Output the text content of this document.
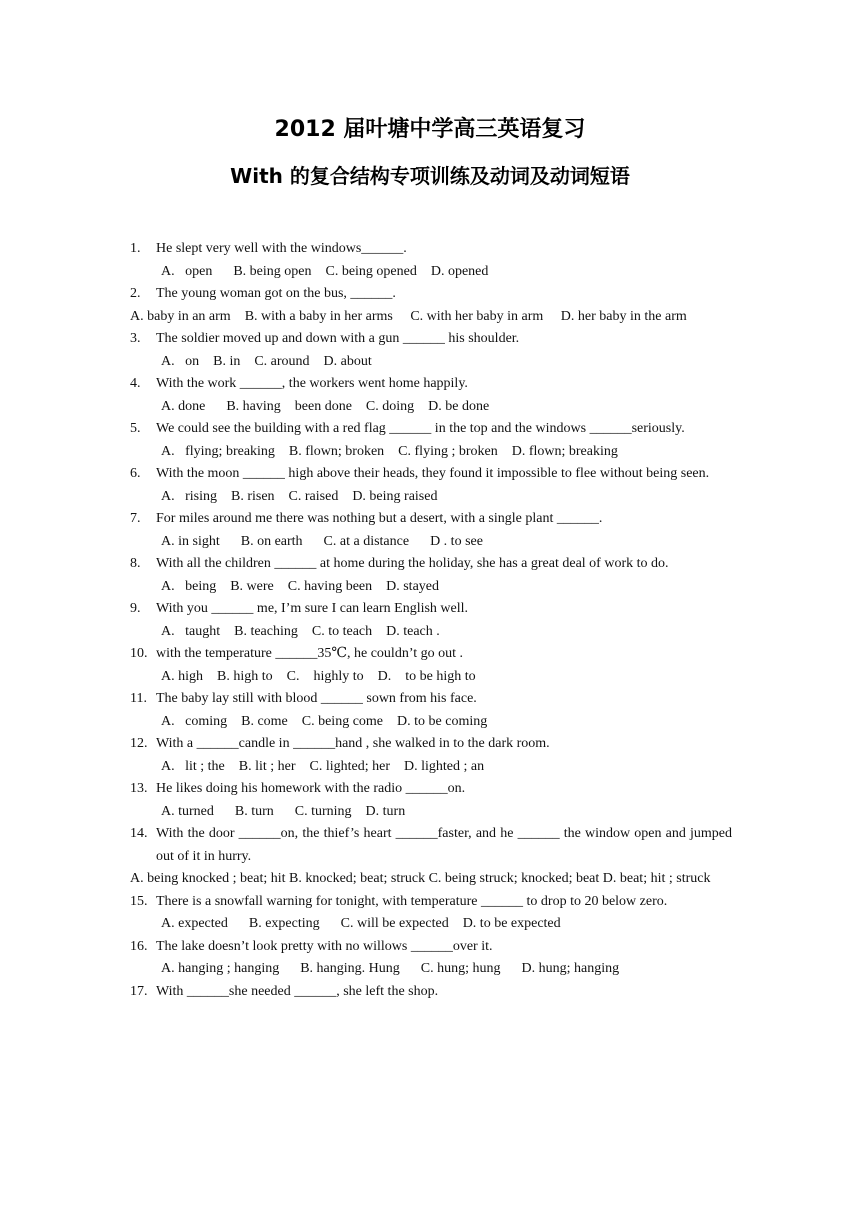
2012 届叶塘中学高三英语复习
With 的复合结构专项训练及动词及动词短语
1.	He slept very well with the windows______.
A.   open      B. being open    C. being opened    D. opened
2.	The young woman got on the bus, ______.
A. baby in an arm    B. with a baby in her arms     C. with her baby in arm     D. her baby in the arm
3.	The soldier moved up and down with a gun ______ his shoulder.
A.   on    B. in    C. around    D. about
4.	With the work ______, the workers went home happily.
A. done      B. having    been done    C. doing    D. be done
5.	We could see the building with a red flag ______ in the top and the windows ______seriously.
A.   flying; breaking    B. flown; broken    C. flying ; broken    D. flown; breaking
6.	With the moon ______ high above their heads, they found it impossible to flee without being seen.
A.   rising    B. risen    C. raised    D. being raised
7.	For miles around me there was nothing but a desert, with a single plant ______.
A. in sight      B. on earth      C. at a distance      D . to see
8.	With all the children ______ at home during the holiday, she has a great deal of work to do.
A.   being    B. were    C. having been    D. stayed
9.	With you ______ me, I’m sure I can learn English well.
A.   taught    B. teaching    C. to teach    D. teach .
10. with the temperature ______35℃, he couldn’t go out .
A. high    B. high to    C.    highly to    D.    to be high to
11. The baby lay still with blood ______ sown from his face.
A.   coming    B. come    C. being come    D. to be coming
12. With a ______candle in ______hand , she walked in to the dark room.
A.   lit ; the    B. lit ; her    C. lighted; her    D. lighted ; an
13. He likes doing his homework with the radio ______on.
A. turned      B. turn      C. turning    D. turn
14. With the door ______on, the thief’s heart ______faster, and he ______ the window open and jumped out of it in hurry.
A. being knocked ; beat; hit B. knocked; beat; struck C. being struck; knocked; beat D. beat; hit ; struck
15. There is a snowfall warning for tonight, with temperature ______ to drop to 20 below zero.
A. expected      B. expecting      C. will be expected    D. to be expected
16. The lake doesn’t look pretty with no willows ______over it.
A. hanging ; hanging      B. hanging. Hung      C. hung; hung      D. hung; hanging
17. With ______she needed ______, she left the shop.
